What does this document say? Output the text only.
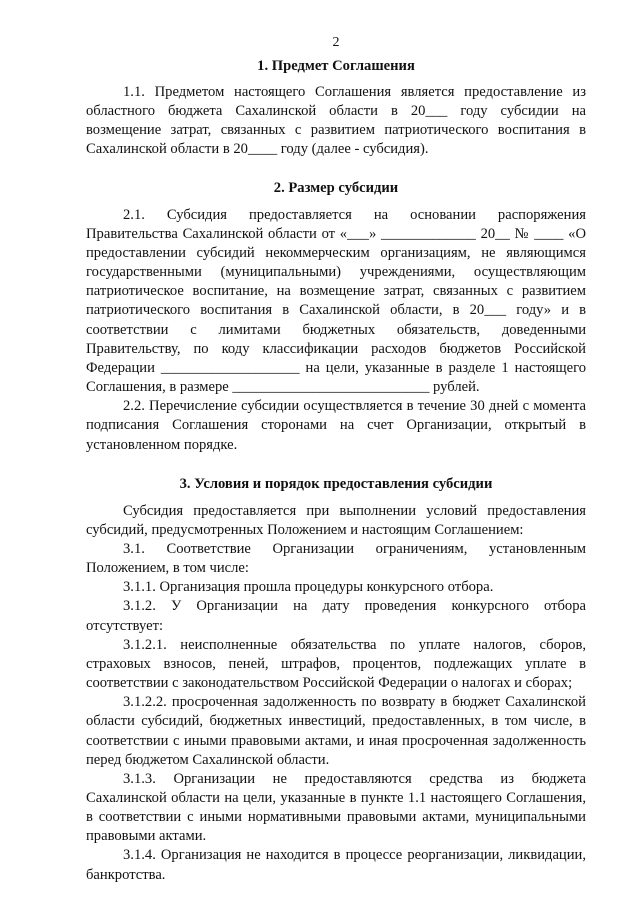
2
1. Предмет Соглашения

1.1. Предметом настоящего Соглашения является предоставление из областного бюджета Сахалинской области в 20___ году субсидии на возмещение затрат, связанных с развитием патриотического воспитания в Сахалинской области в 20____ году (далее - субсидия).

2. Размер субсидии

2.1. Субсидия предоставляется на основании распоряжения Правительства Сахалинской области от «___» _____________ 20__ № ____ «О предоставлении субсидий некоммерческим организациям, не являющимся государственными (муниципальными) учреждениями, осуществляющим патриотическое воспитание, на возмещение затрат, связанных с развитием патриотического воспитания в Сахалинской области, в 20___ году» и в соответствии с лимитами бюджетных обязательств, доведенными Правительству, по коду классификации расходов бюджетов Российской Федерации ___________________ на цели, указанные в разделе 1 настоящего Соглашения, в размере ___________________________ рублей.

2.2. Перечисление субсидии осуществляется в течение 30 дней с момента подписания Соглашения сторонами на счет Организации, открытый в установленном порядке.

3. Условия и порядок предоставления субсидии

Субсидия предоставляется при выполнении условий предоставления субсидий, предусмотренных Положением и настоящим Соглашением:

3.1. Соответствие Организации ограничениям, установленным Положением, в том числе:

3.1.1. Организация прошла процедуры конкурсного отбора.

3.1.2. У Организации на дату проведения конкурсного отбора отсутствует:

3.1.2.1. неисполненные обязательства по уплате налогов, сборов, страховых взносов, пеней, штрафов, процентов, подлежащих уплате в соответствии с законодательством Российской Федерации о налогах и сборах;

3.1.2.2. просроченная задолженность по возврату в бюджет Сахалинской области субсидий, бюджетных инвестиций, предоставленных, в том числе, в соответствии с иными правовыми актами, и иная просроченная задолженность перед бюджетом Сахалинской области.

3.1.3. Организации не предоставляются средства из бюджета Сахалинской области на цели, указанные в пункте 1.1 настоящего Соглашения, в соответствии с иными нормативными правовыми актами, муниципальными правовыми актами.

3.1.4. Организация не находится в процессе реорганизации, ликвидации, банкротства.
